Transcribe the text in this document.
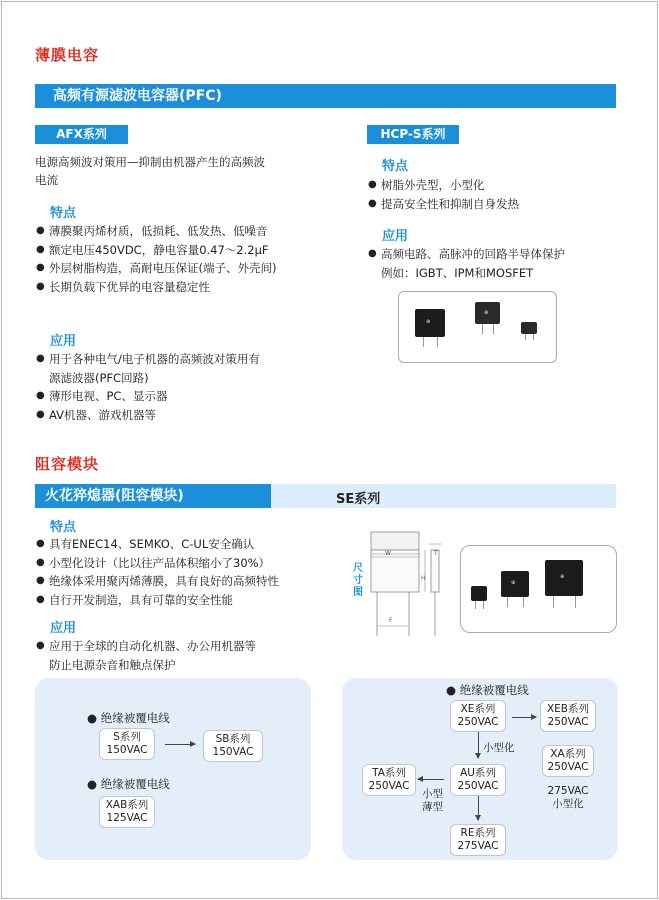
薄膜电容
高频有源滤波电容器(PFC)
AFX系列
电源高频波对策用—抑制由机器产生的高频波
电流
特点
● 薄膜聚丙烯材质，低损耗、低发热、低噪音
● 额定电压450VDC，静电容量0.47～2.2μF
● 外层树脂构造，高耐电压保证(端子、外壳间)
● 长期负载下优异的电容量稳定性
应用
● 用于各种电气/电子机器的高频波对策用有
源滤波器(PFC回路)
● 薄形电视、PC、显示器
● AV机器、游戏机器等
HCP-S系列
特点
● 树脂外壳型，小型化
● 提高安全性和抑制自身发热
应用
● 高频电路、高脉冲的回路半导体保护
例如：IGBT、IPM和MOSFET
⊕
⊕
阻容模块
火花猝熄器(阻容模块)	SE系列
特点
● 具有ENEC14、SEMKO、C-UL安全确认
● 小型化设计（比以往产品体积缩小了30%）
● 绝缘体采用聚丙烯薄膜，具有良好的高频特性
● 自行开发制造，具有可靠的安全性能
应用
● 应用于全球的自动化机器、办公用机器等
防止电源杂音和触点保护
尺
寸
图
W
H
T
F
⊕
⊕
● 绝缘被覆电线
S系列
150VAC
SB系列
150VAC
● 绝缘被覆电线
XAB系列
125VAC
● 绝缘被覆电线
XE系列
250VAC
XEB系列
250VAC
小型化	XA系列
250VAC
275VAC
小型化
AU系列
250VAC
TA系列
250VAC
小型
薄型
RE系列
275VAC
